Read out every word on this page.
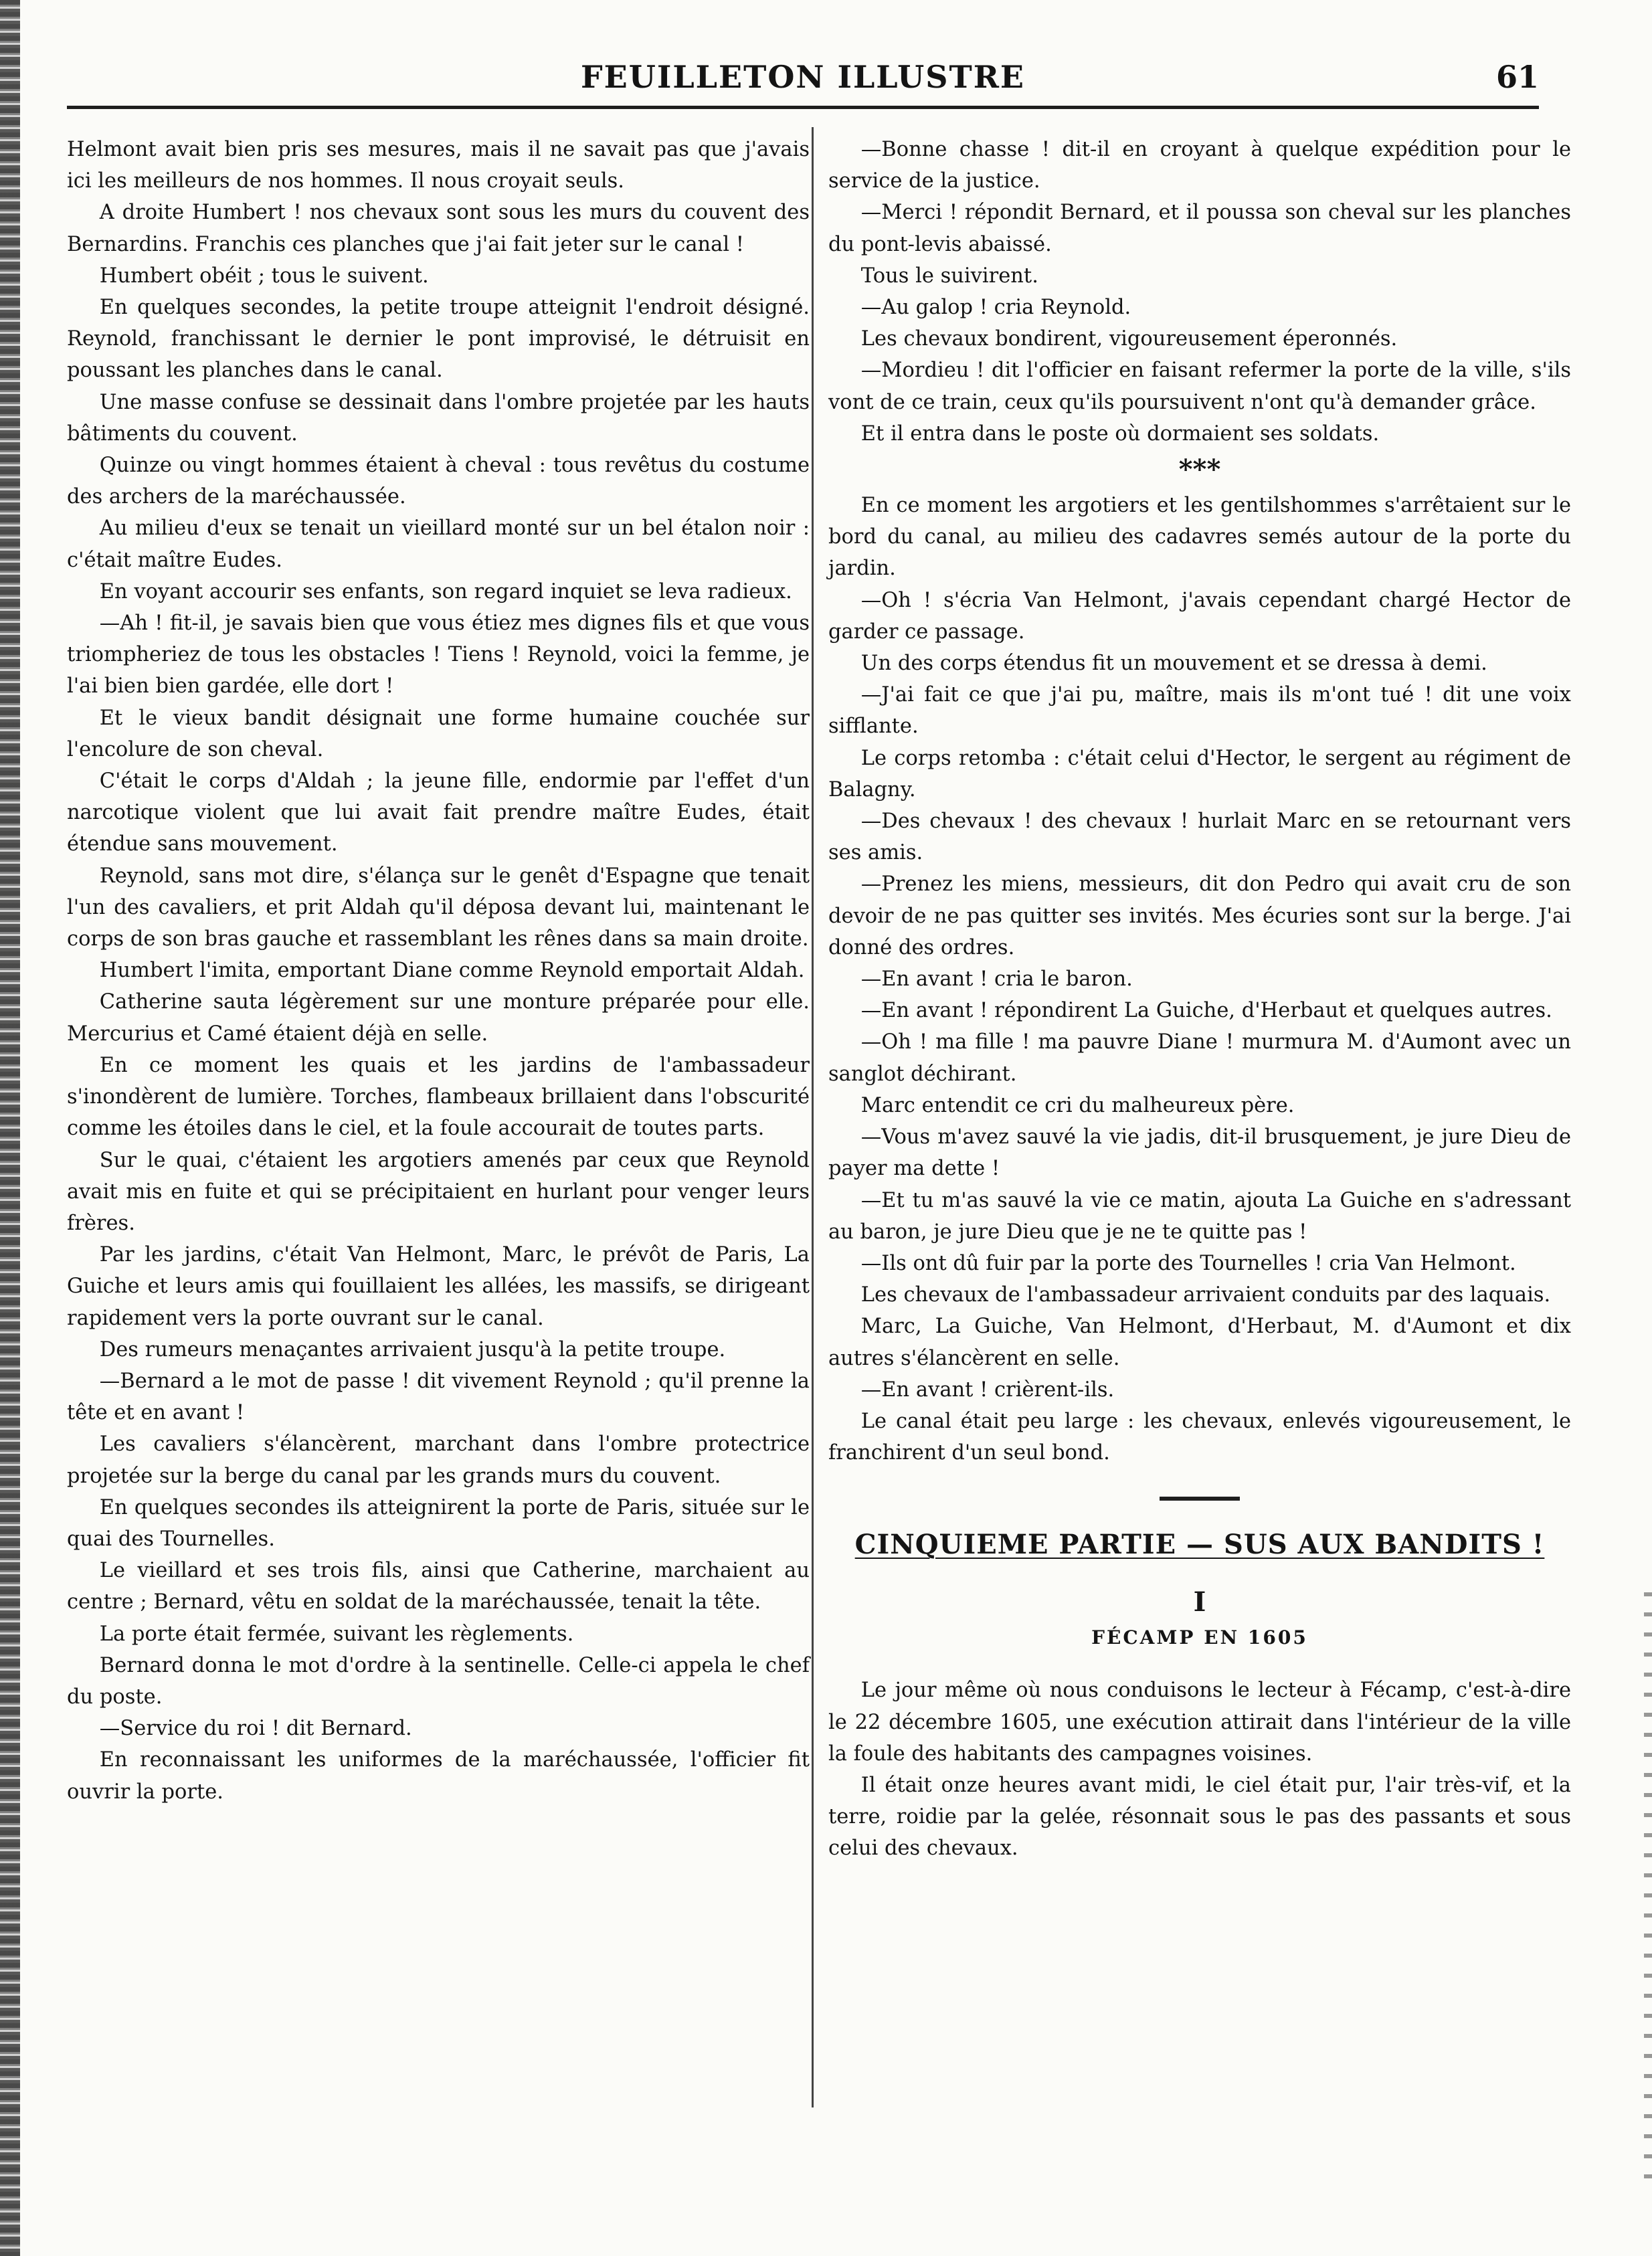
FEUILLETON ILLUSTRE	61

Helmont avait bien pris ses mesures, mais il ne savait pas que j'avais ici les meilleurs de nos hommes. Il nous croyait seuls.

A droite Humbert ! nos chevaux sont sous les murs du couvent des Bernardins. Franchis ces planches que j'ai fait jeter sur le canal !

Humbert obéit ; tous le suivent.

En quelques secondes, la petite troupe atteignit l'endroit désigné. Reynold, franchissant le dernier le pont improvisé, le détruisit en poussant les planches dans le canal.

Une masse confuse se dessinait dans l'ombre projetée par les hauts bâtiments du couvent.

Quinze ou vingt hommes étaient à cheval : tous revêtus du costume des archers de la maréchaussée.

Au milieu d'eux se tenait un vieillard monté sur un bel étalon noir : c'était maître Eudes.

En voyant accourir ses enfants, son regard inquiet se leva radieux.

—Ah ! fit-il, je savais bien que vous étiez mes dignes fils et que vous triompheriez de tous les obstacles ! Tiens ! Reynold, voici la femme, je l'ai bien bien gardée, elle dort !

Et le vieux bandit désignait une forme humaine couchée sur l'encolure de son cheval.

C'était le corps d'Aldah ; la jeune fille, endormie par l'effet d'un narcotique violent que lui avait fait prendre maître Eudes, était étendue sans mouvement.

Reynold, sans mot dire, s'élança sur le genêt d'Espagne que tenait l'un des cavaliers, et prit Aldah qu'il déposa devant lui, maintenant le corps de son bras gauche et rassemblant les rênes dans sa main droite.

Humbert l'imita, emportant Diane comme Reynold emportait Aldah.

Catherine sauta légèrement sur une monture préparée pour elle. Mercurius et Camé étaient déjà en selle.

En ce moment les quais et les jardins de l'ambassadeur s'inondèrent de lumière. Torches, flambeaux brillaient dans l'obscurité comme les étoiles dans le ciel, et la foule accourait de toutes parts.

Sur le quai, c'étaient les argotiers amenés par ceux que Reynold avait mis en fuite et qui se précipitaient en hurlant pour venger leurs frères.

Par les jardins, c'était Van Helmont, Marc, le prévôt de Paris, La Guiche et leurs amis qui fouillaient les allées, les massifs, se dirigeant rapidement vers la porte ouvrant sur le canal.

Des rumeurs menaçantes arrivaient jusqu'à la petite troupe.

—Bernard a le mot de passe ! dit vivement Reynold ; qu'il prenne la tête et en avant !

Les cavaliers s'élancèrent, marchant dans l'ombre protectrice projetée sur la berge du canal par les grands murs du couvent.

En quelques secondes ils atteignirent la porte de Paris, située sur le quai des Tournelles.

Le vieillard et ses trois fils, ainsi que Catherine, marchaient au centre ; Bernard, vêtu en soldat de la maréchaussée, tenait la tête.

La porte était fermée, suivant les règlements.

Bernard donna le mot d'ordre à la sentinelle. Celle-ci appela le chef du poste.

—Service du roi ! dit Bernard.

En reconnaissant les uniformes de la maréchaussée, l'officier fit ouvrir la porte.

—Bonne chasse ! dit-il en croyant à quelque expédition pour le service de la justice.

—Merci ! répondit Bernard, et il poussa son cheval sur les planches du pont-levis abaissé.

Tous le suivirent.

—Au galop ! cria Reynold.

Les chevaux bondirent, vigoureusement éperonnés.

—Mordieu ! dit l'officier en faisant refermer la porte de la ville, s'ils vont de ce train, ceux qu'ils poursuivent n'ont qu'à demander grâce.

Et il entra dans le poste où dormaient ses soldats.

***

En ce moment les argotiers et les gentilshommes s'arrêtaient sur le bord du canal, au milieu des cadavres semés autour de la porte du jardin.

—Oh ! s'écria Van Helmont, j'avais cependant chargé Hector de garder ce passage.

Un des corps étendus fit un mouvement et se dressa à demi.

—J'ai fait ce que j'ai pu, maître, mais ils m'ont tué ! dit une voix sifflante.

Le corps retomba : c'était celui d'Hector, le sergent au régiment de Balagny.

—Des chevaux ! des chevaux ! hurlait Marc en se retournant vers ses amis.

—Prenez les miens, messieurs, dit don Pedro qui avait cru de son devoir de ne pas quitter ses invités. Mes écuries sont sur la berge. J'ai donné des ordres.

—En avant ! cria le baron.

—En avant ! répondirent La Guiche, d'Herbaut et quelques autres.

—Oh ! ma fille ! ma pauvre Diane ! murmura M. d'Aumont avec un sanglot déchirant.

Marc entendit ce cri du malheureux père.

—Vous m'avez sauvé la vie jadis, dit-il brusquement, je jure Dieu de payer ma dette !

—Et tu m'as sauvé la vie ce matin, ajouta La Guiche en s'adressant au baron, je jure Dieu que je ne te quitte pas !

—Ils ont dû fuir par la porte des Tournelles ! cria Van Helmont.

Les chevaux de l'ambassadeur arrivaient conduits par des laquais.

Marc, La Guiche, Van Helmont, d'Herbaut, M. d'Aumont et dix autres s'élancèrent en selle.

—En avant ! crièrent-ils.

Le canal était peu large : les chevaux, enlevés vigoureusement, le franchirent d'un seul bond.

CINQUIEME PARTIE — SUS AUX BANDITS !
I
FÉCAMP EN 1605

Le jour même où nous conduisons le lecteur à Fécamp, c'est-à-dire le 22 décembre 1605, une exécution attirait dans l'intérieur de la ville la foule des habitants des campagnes voisines.

Il était onze heures avant midi, le ciel était pur, l'air très-vif, et la terre, roidie par la gelée, résonnait sous le pas des passants et sous celui des chevaux.
